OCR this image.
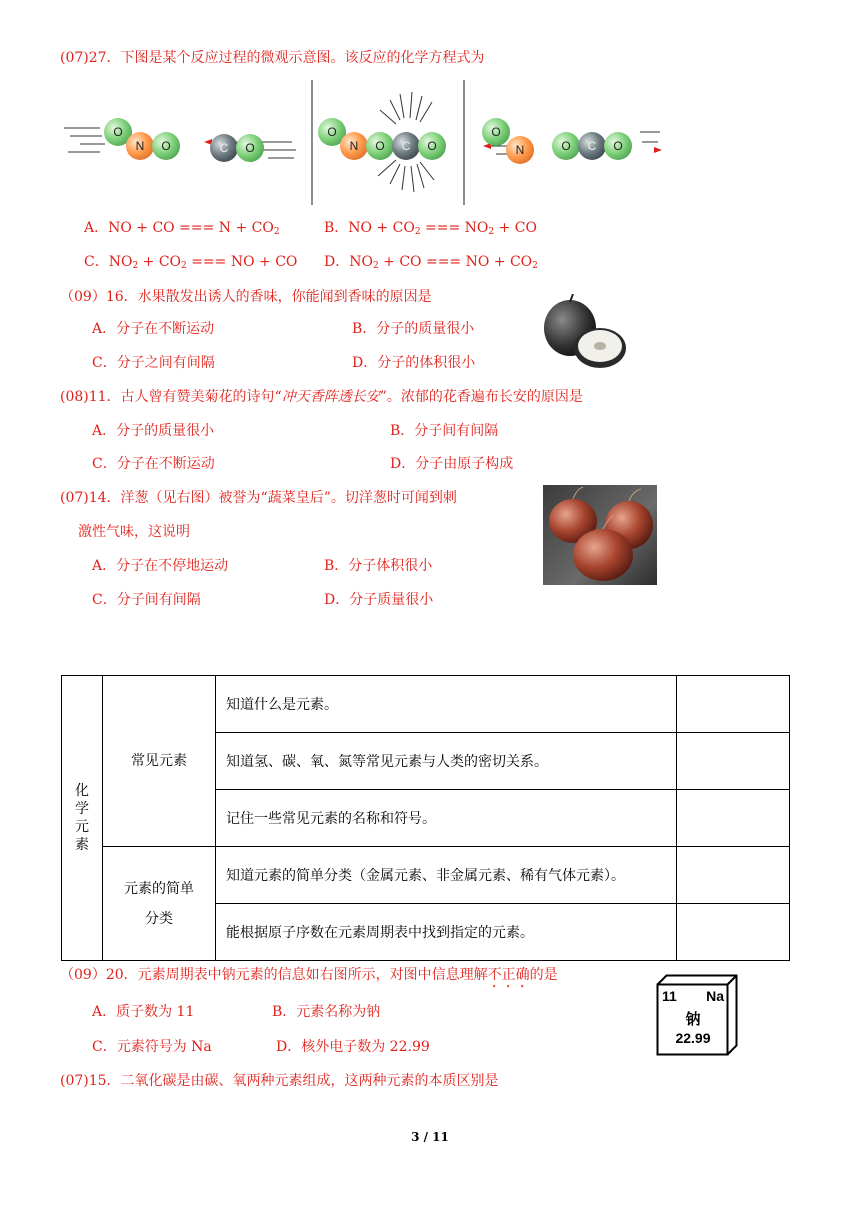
(07)27．下图是某个反应过程的微观示意图。该反应的化学方程式为
O
N	O	C	O
O
N	O	C	O
O
N	O	C	O
A．NO + CO === $N + CO_2$	B．NO + $CO_2$ === $NO_2$ + CO
C．$NO_2 + CO_2$ === NO + CO D．$NO_2$ + CO === NO + $CO_2$
（09）16．水果散发出诱人的香味，你能闻到香味的原因是
A．分子在不断运动	B．分子的质量很小
C．分子之间有间隔	D．分子的体积很小
(08)11．古人曾有赞美菊花的诗句“冲天香阵透长安”。浓郁的花香遍布长安的原因是
A．分子的质量很小	B．分子间有间隔
C．分子在不断运动	D．分子由原子构成
(07)14．洋葱（见右图）被誉为“蔬菜皇后”。切洋葱时可闻到刺
激性气味，这说明
A．分子在不停地运动	B．分子体积很小
C．分子间有间隔	D．分子质量很小
化学元素	常见元素	知道什么是元素。	
		知道氢、碳、氧、氮等常见元素与人类的密切关系。	
		记住一些常见元素的名称和符号。	

	元素的简单分类	知道元素的简单分类（金属元素、非金属元素、稀有气体元素）。	
		能根据原子序数在元素周期表中找到指定的元素。	
（09）20．元素周期表中钠元素的信息如右图所示，对图中信息理解不正确的是
A．质子数为 11	B．元素名称为钠
C．元素符号为 Na	D．核外电子数为 22.99
11 Na
钠
22.99
(07)15．二氧化碳是由碳、氧两种元素组成，这两种元素的本质区别是
3 / 11
